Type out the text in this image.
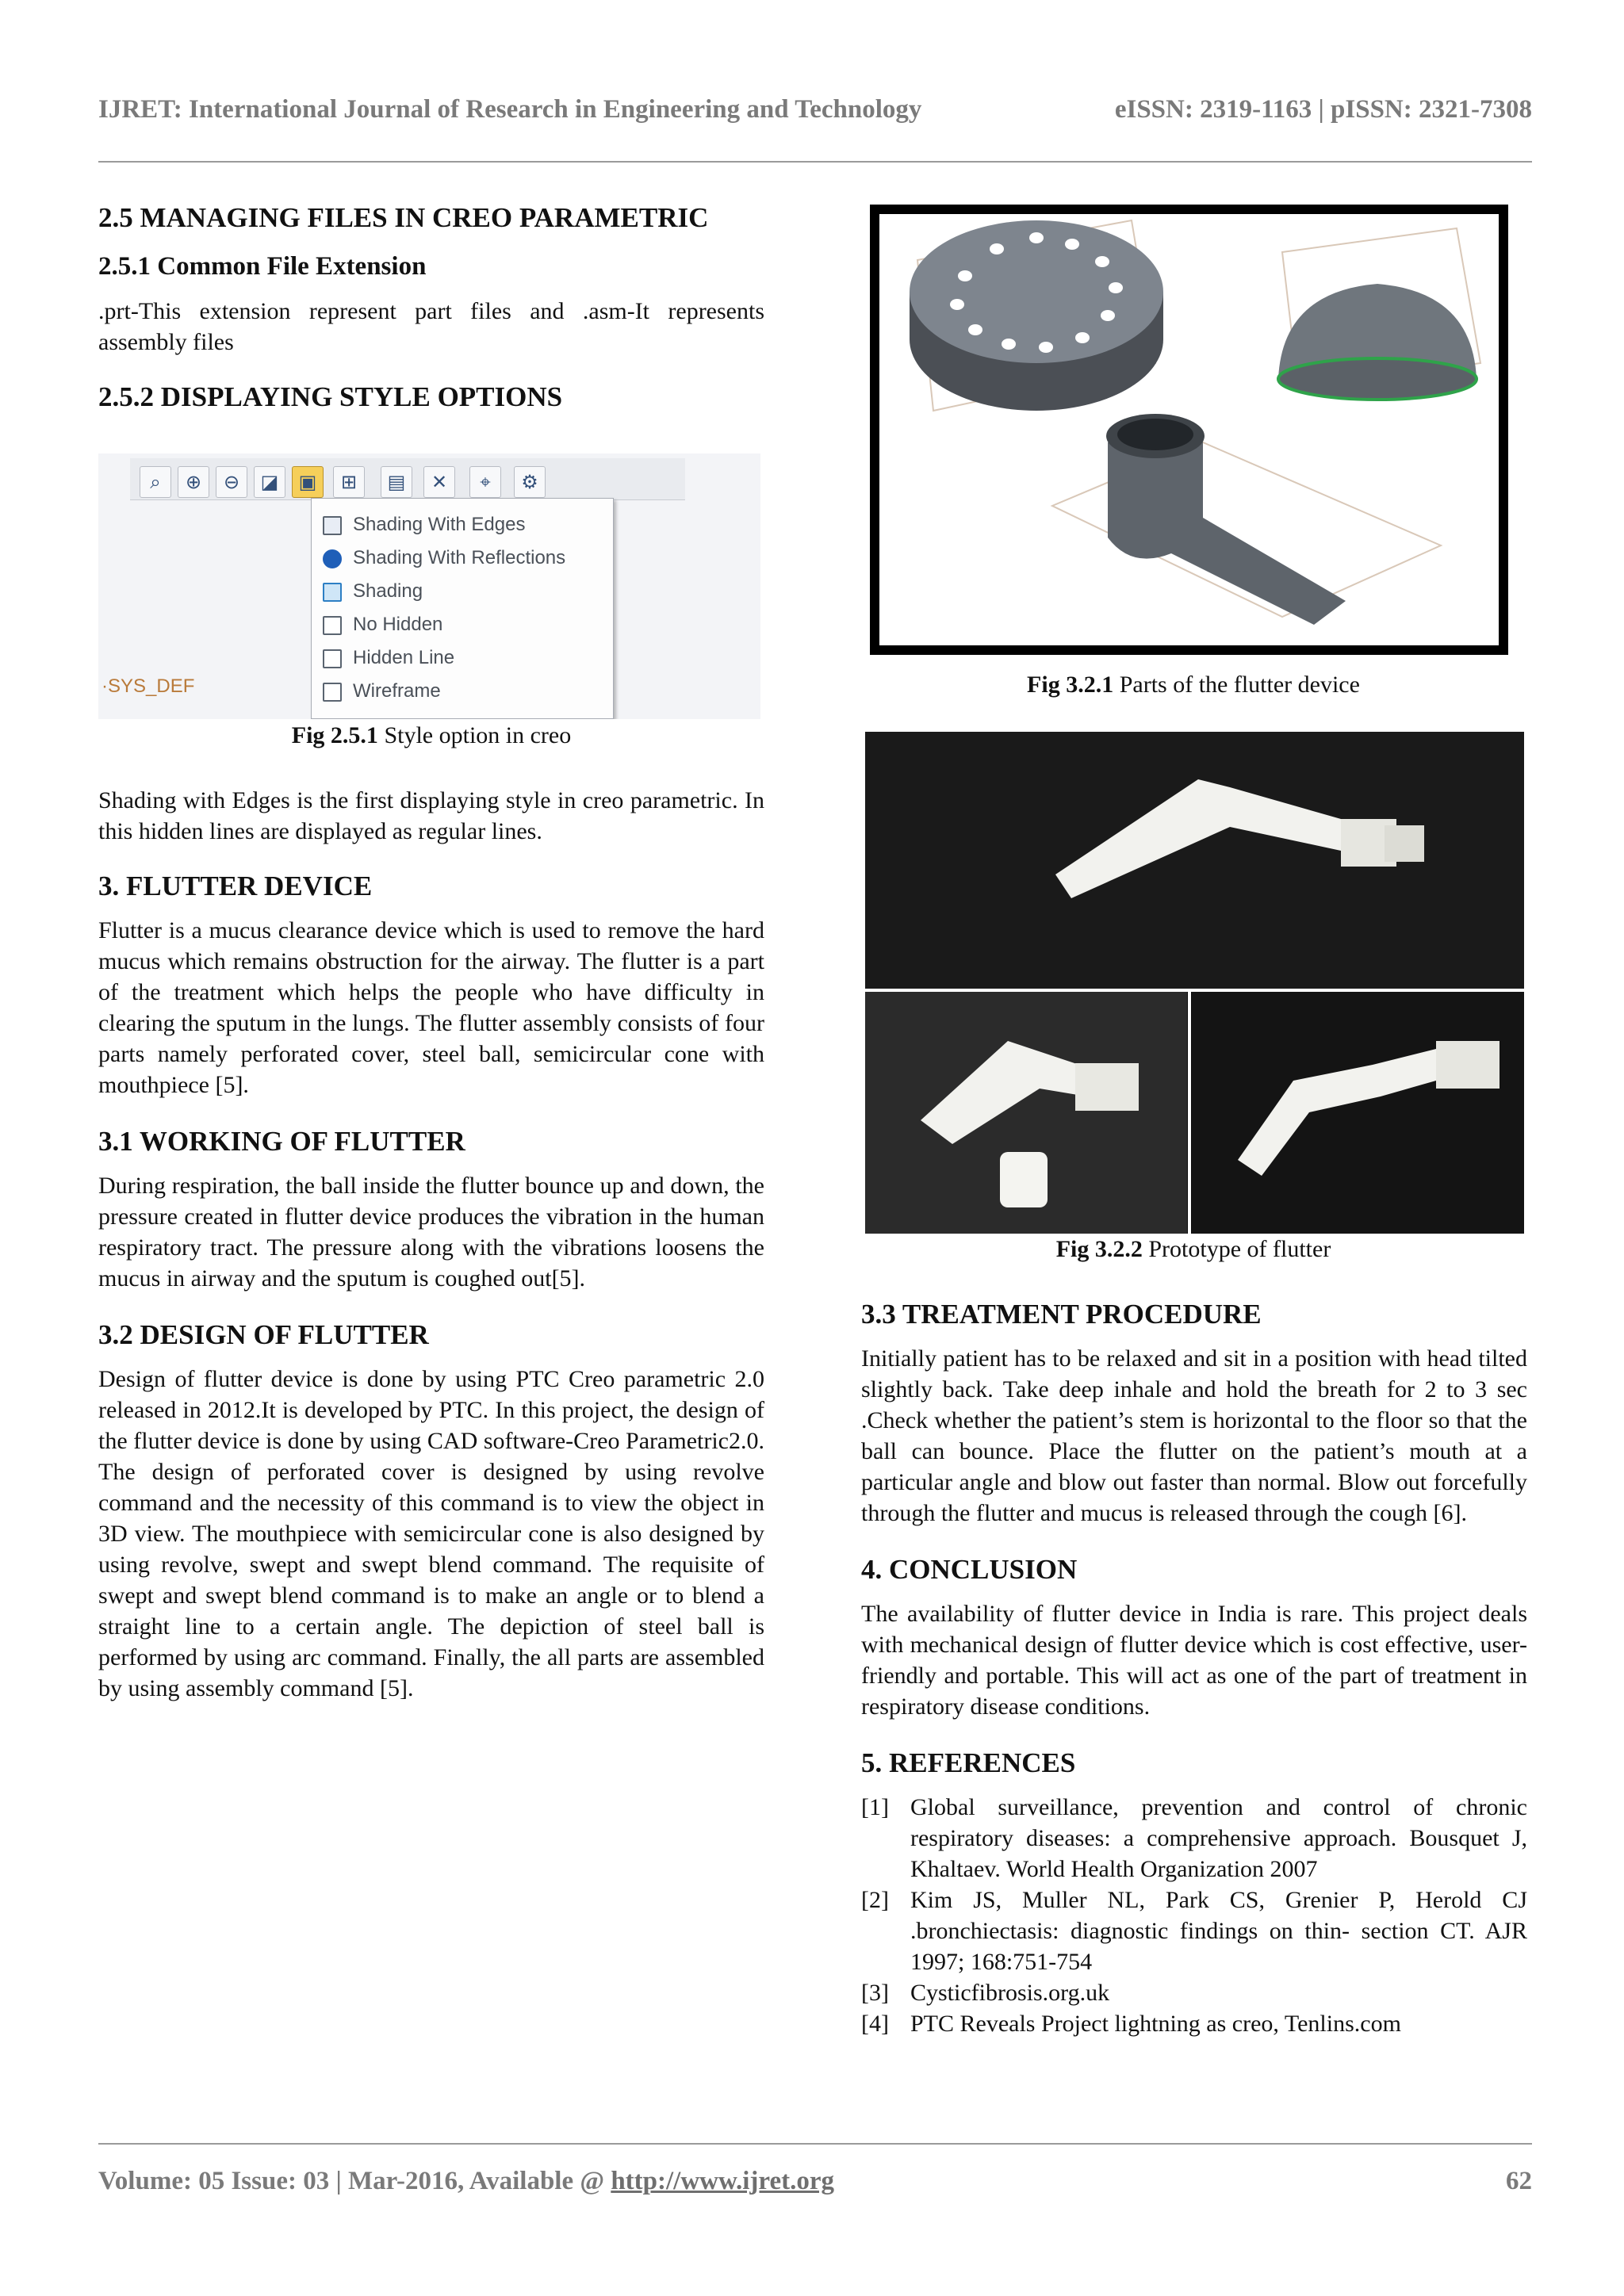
IJRET: International Journal of Research in Engineering and Technology	eISSN: 2319-1163 | pISSN: 2321-7308
2.5 MANAGING FILES IN CREO PARAMETRIC
2.5.1 Common File Extension

.prt-This extension represent part files and .asm-It represents assembly files

2.5.2 DISPLAYING STYLE OPTIONS
⌕	⊕	⊖	◪	▣	⊞	▤	✕	⌖	⚙
Shading With Edges
Shading With Reflections
Shading
No Hidden
Hidden Line
Wireframe
·SYS_DEF
Fig 2.5.1 Style option in creo

Shading with Edges is the first displaying style in creo parametric. In this hidden lines are displayed as regular lines.

3. FLUTTER DEVICE

Flutter is a mucus clearance device which is used to remove the hard mucus which remains obstruction for the airway. The flutter is a part of the treatment which helps the people who have difficulty in clearing the sputum in the lungs. The flutter assembly consists of four parts namely perforated cover, steel ball, semicircular cone with mouthpiece [5].

3.1 WORKING OF FLUTTER

During respiration, the ball inside the flutter bounce up and down, the pressure created in flutter device produces the vibration in the human respiratory tract. The pressure along with the vibrations loosens the mucus in airway and the sputum is coughed out[5].

3.2 DESIGN OF FLUTTER

Design of flutter device is done by using PTC Creo parametric 2.0 released in 2012.It is developed by PTC. In this project, the design of the flutter device is done by using CAD software-Creo Parametric2.0. The design of perforated cover is designed by using revolve command and the necessity of this command is to view the object in 3D view. The mouthpiece with semicircular cone is also designed by using revolve, swept and swept blend command. The requisite of swept and swept blend command is to make an angle or to blend a straight line to a certain angle. The depiction of steel ball is performed by using arc command. Finally, the all parts are assembled by using assembly command [5].

Fig 3.2.1 Parts of the flutter device
Fig 3.2.2 Prototype of flutter
3.3 TREATMENT PROCEDURE

Initially patient has to be relaxed and sit in a position with head tilted slightly back. Take deep inhale and hold the breath for 2 to 3 sec .Check whether the patient’s stem is horizontal to the floor so that the ball can bounce. Place the flutter on the patient’s mouth at a particular angle and blow out faster than normal. Blow out forcefully through the flutter and mucus is released through the cough [6].

4. CONCLUSION

The availability of flutter device in India is rare. This project deals with mechanical design of flutter device which is cost effective, user-friendly and portable. This will act as one of the part of treatment in respiratory disease conditions.

5. REFERENCES
[1] Global surveillance, prevention and control of chronic respiratory diseases: a comprehensive approach. Bousquet J, Khaltaev. World Health Organization 2007
[2] Kim JS, Muller NL, Park CS, Grenier P, Herold CJ .bronchiectasis: diagnostic findings on thin- section CT. AJR 1997; 168:751-754
[3] Cysticfibrosis.org.uk
[4] PTC Reveals Project lightning as creo, Tenlins.com
Volume: 05 Issue: 03 | Mar-2016, Available @ http://www.ijret.org	62
